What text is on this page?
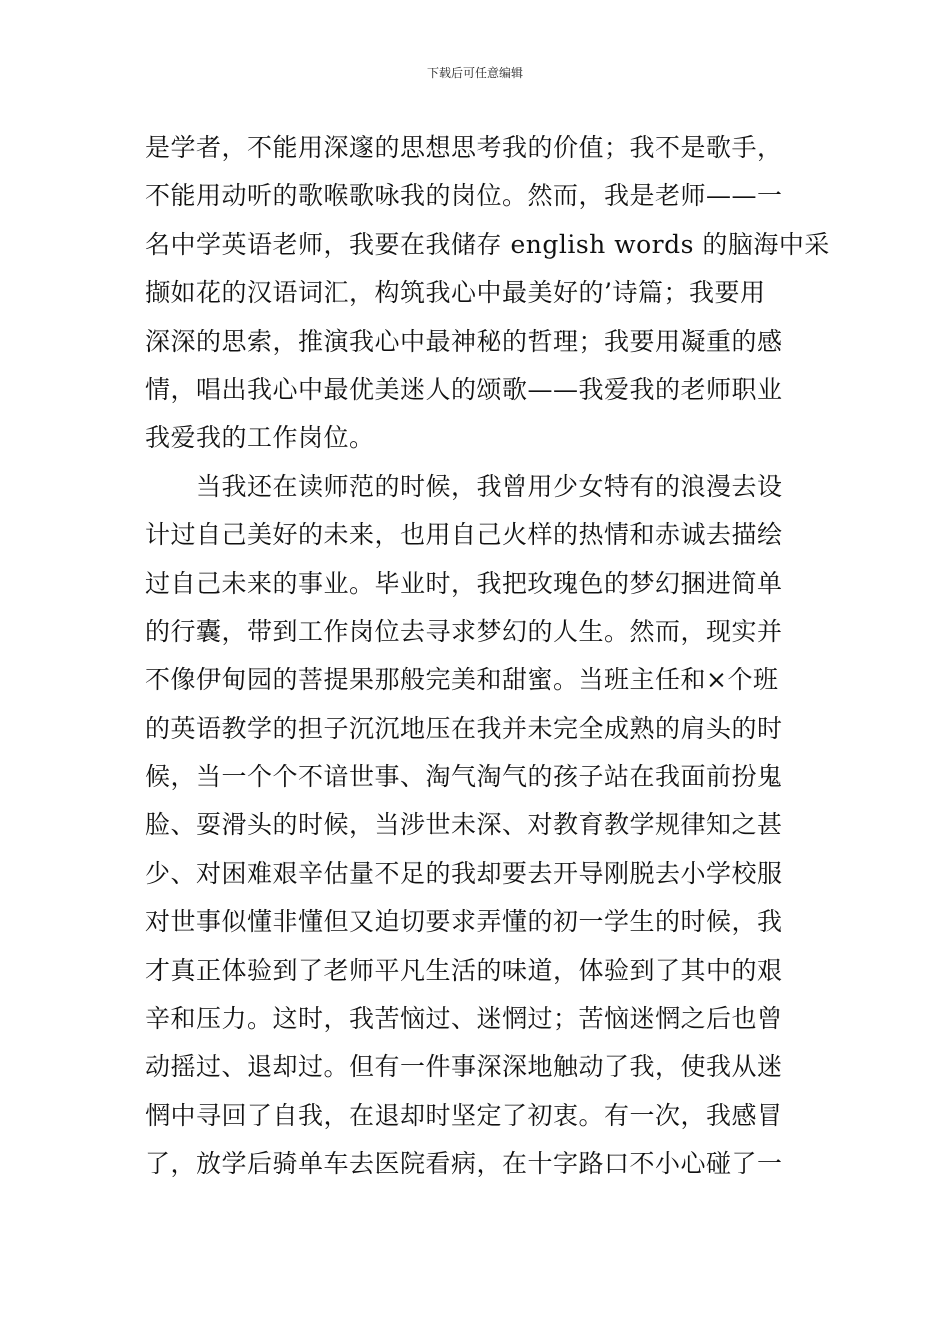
下载后可任意编辑
是学者，不能用深邃的思想思考我的价值；我不是歌手，
不能用动听的歌喉歌咏我的岗位。然而，我是老师——一
名中学英语老师，我要在我储存 english words 的脑海中采
撷如花的汉语词汇，构筑我心中最美好的’诗篇；我要用
深深的思索，推演我心中最神秘的哲理；我要用凝重的感
情，唱出我心中最优美迷人的颂歌——我爱我的老师职业
我爱我的工作岗位。
　　当我还在读师范的时候，我曾用少女特有的浪漫去设
计过自己美好的未来，也用自己火样的热情和赤诚去描绘
过自己未来的事业。毕业时，我把玫瑰色的梦幻捆进简单
的行囊，带到工作岗位去寻求梦幻的人生。然而，现实并
不像伊甸园的菩提果那般完美和甜蜜。当班主任和×个班
的英语教学的担子沉沉地压在我并未完全成熟的肩头的时
候，当一个个不谙世事、淘气淘气的孩子站在我面前扮鬼
脸、耍滑头的时候，当涉世未深、对教育教学规律知之甚
少、对困难艰辛估量不足的我却要去开导刚脱去小学校服
对世事似懂非懂但又迫切要求弄懂的初一学生的时候，我
才真正体验到了老师平凡生活的味道，体验到了其中的艰
辛和压力。这时，我苦恼过、迷惘过；苦恼迷惘之后也曾
动摇过、退却过。但有一件事深深地触动了我，使我从迷
惘中寻回了自我，在退却时坚定了初衷。有一次，我感冒
了，放学后骑单车去医院看病，在十字路口不小心碰了一
